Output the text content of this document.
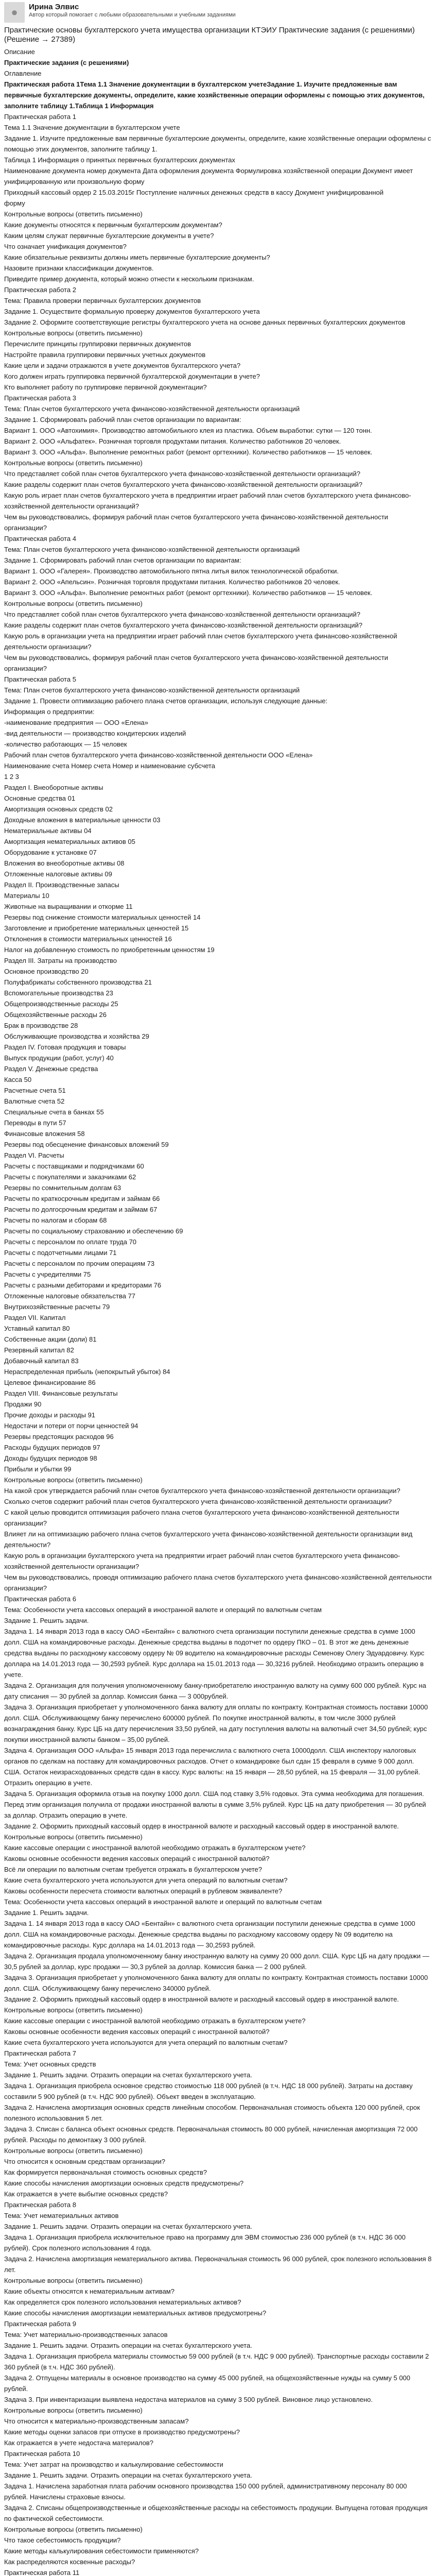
● Ирина Элвис
Автор который помогает с любыми образовательными и учебными заданиями
Практические основы бухгалтерского учета имущества организации КТЭИУ Практические задания (с решениями) (Решение → 27389)
Описание
Практические задания (с решениями)
Оглавление
Практическая работа 1Тема 1.1 Значение документации в бухгалтерском учетеЗадание 1. Изучите предложенные вам первичные бухгалтерские документы, определите, какие хозяйственные операции оформлены с помощью этих документов, заполните таблицу 1.Таблица 1 Информация
Практическая работа 1
Тема 1.1 Значение документации в бухгалтерском учете
Задание 1. Изучите предложенные вам первичные бухгалтерские документы, определите, какие хозяйственные операции оформлены с помощью этих документов, заполните таблицу 1.
Таблица 1 Информация о принятых первичных бухгалтерских документах
Наименование документа номер документа Дата оформления документа Формулировка хозяйственной операции Документ имеет унифицированную или произвольную форму
Приходный кассовый ордер 2 15.03.2015г Поступление наличных денежных средств в кассу Документ унифицированной
форму
Контрольные вопросы (ответить письменно)
Какие документы относятся к первичным бухгалтерским документам?
Каким целям служат первичные бухгалтерские документы в учете?
Что означает унификация документов?
Какие обязательные реквизиты должны иметь первичные бухгалтерские документы?
Назовите признаки классификации документов.
Приведите пример документа, который можно отнести к нескольким признакам.
Практическая работа 2
Тема: Правила проверки первичных бухгалтерских документов
Задание 1. Осуществите формальную проверку документов бухгалтерского учета
Задание 2. Оформите соответствующие регистры бухгалтерского учета на основе данных первичных бухгалтерских документов
Контрольные вопросы (ответить письменно)
Перечислите принципы группировки первичных документов
Настройте правила группировки первичных учетных документов
Какие цели и задачи отражаются в учете документов бухгалтерского учета?
Кого должен играть группировка первичной бухгалтерской документации в учете?
Кто выполняет работу по группировке первичной документации?
Практическая работа 3
Тема: План счетов бухгалтерского учета финансово-хозяйственной деятельности организаций
Задание 1. Сформировать рабочий план счетов организации по вариантам:
Вариант 1. ООО «Автохимия». Производство автомобильного клея из пластика. Объем выработки: сутки — 120 тонн.
Вариант 2. ООО «Альфатек». Розничная торговля продуктами питания. Количество работников 20 человек.
Вариант 3. ООО «Альфа». Выполнение ремонтных работ (ремонт оргтехники). Количество работников — 15 человек.
Контрольные вопросы (ответить письменно)
Что представляет собой план счетов бухгалтерского учета финансово-хозяйственной деятельности организаций?
Какие разделы содержит план счетов бухгалтерского учета финансово-хозяйственной деятельности организаций?
Какую роль играет план счетов бухгалтерского учета в предприятии играет рабочий план счетов бухгалтерского учета финансово-хозяйственной деятельности организаций?
Чем вы руководствовались, формируя рабочий план счетов бухгалтерского учета финансово-хозяйственной деятельности организации?
Практическая работа 4
Тема: План счетов бухгалтерского учета финансово-хозяйственной деятельности организаций
Задание 1. Сформировать рабочий план счетов организации по вариантам:
Вариант 1. ООО «Галерея». Производство автомобильного пятна литья вилок технологической обработки.
Вариант 2. ООО «Апельсин». Розничная торговля продуктами питания. Количество работников 20 человек.
Вариант 3. ООО «Альфа». Выполнение ремонтных работ (ремонт оргтехники). Количество работников — 15 человек.
Контрольные вопросы (ответить письменно)
Что представляет собой план счетов бухгалтерского учета финансово-хозяйственной деятельности организаций?
Какие разделы содержит план счетов бухгалтерского учета финансово-хозяйственной деятельности организаций?
Какую роль в организации учета на предприятии играет рабочий план счетов бухгалтерского учета финансово-хозяйственной деятельности организации?
Чем вы руководствовались, формируя рабочий план счетов бухгалтерского учета финансово-хозяйственной деятельности организации?
Практическая работа 5
Тема: План счетов бухгалтерского учета финансово-хозяйственной деятельности организаций
Задание 1. Провести оптимизацию рабочего плана счетов организации, используя следующие данные:
Информация о предприятии:
-наименование предприятия — ООО «Елена»
-вид деятельности — производство кондитерских изделий
-количество работающих — 15 человек
Рабочий план счетов бухгалтерского учета финансово-хозяйственной деятельности ООО «Елена»
Наименование счета Номер счета Номер и наименование субсчета
1 2 3
Раздел I. Внеоборотные активы
Основные средства 01
Амортизация основных средств 02
Доходные вложения в материальные ценности 03
Нематериальные активы 04
Амортизация нематериальных активов 05
Оборудование к установке 07
Вложения во внеоборотные активы 08
Отложенные налоговые активы 09
Раздел II. Производственные запасы
Материалы 10
Животные на выращивании и откорме 11
Резервы под снижение стоимости материальных ценностей 14
Заготовление и приобретение материальных ценностей 15
Отклонения в стоимости материальных ценностей 16
Налог на добавленную стоимость по приобретенным ценностям 19
Раздел III. Затраты на производство
Основное производство 20
Полуфабрикаты собственного производства 21
Вспомогательные производства 23
Общепроизводственные расходы 25
Общехозяйственные расходы 26
Брак в производстве 28
Обслуживающие производства и хозяйства 29
Раздел IV. Готовая продукция и товары
Выпуск продукции (работ, услуг) 40
Раздел V. Денежные средства
Касса 50
Расчетные счета 51
Валютные счета 52
Специальные счета в банках 55
Переводы в пути 57
Финансовые вложения 58
Резервы под обесценение финансовых вложений 59
Раздел VI. Расчеты
Расчеты с поставщиками и подрядчиками 60
Расчеты с покупателями и заказчиками 62
Резервы по сомнительным долгам 63
Расчеты по краткосрочным кредитам и займам 66
Расчеты по долгосрочным кредитам и займам 67
Расчеты по налогам и сборам 68
Расчеты по социальному страхованию и обеспечению 69
Расчеты с персоналом по оплате труда 70
Расчеты с подотчетными лицами 71
Расчеты с персоналом по прочим операциям 73
Расчеты с учредителями 75
Расчеты с разными дебиторами и кредиторами 76
Отложенные налоговые обязательства 77
Внутрихозяйственные расчеты 79
Раздел VII. Капитал
Уставный капитал 80
Собственные акции (доли) 81
Резервный капитал 82
Добавочный капитал 83
Нераспределенная прибыль (непокрытый убыток) 84
Целевое финансирование 86
Раздел VIII. Финансовые результаты
Продажи 90
Прочие доходы и расходы 91
Недостачи и потери от порчи ценностей 94
Резервы предстоящих расходов 96
Расходы будущих периодов 97
Доходы будущих периодов 98
Прибыли и убытки 99
Контрольные вопросы (ответить письменно)
На какой срок утверждается рабочий план счетов бухгалтерского учета финансово-хозяйственной деятельности организации?
Сколько счетов содержит рабочий план счетов бухгалтерского учета финансово-хозяйственной деятельности организации?
С какой целью проводится оптимизация рабочего плана счетов бухгалтерского учета финансово-хозяйственной деятельности организации?
Влияет ли на оптимизацию рабочего плана счетов бухгалтерского учета финансово-хозяйственной деятельности организации вид деятельности?
Какую роль в организации бухгалтерского учета на предприятии играет рабочий план счетов бухгалтерского учета финансово-хозяйственной деятельности организации?
Чем вы руководствовались, проводя оптимизацию рабочего плана счетов бухгалтерского учета финансово-хозяйственной деятельности организации?
Практическая работа 6
Тема: Особенности учета кассовых операций в иностранной валюте и операций по валютным счетам
Задание 1. Решить задачи.
Задача 1. 14 января 2013 года в кассу ОАО «Бентайн» с валютного счета организации поступили денежные средства в сумме 1000 долл. США на командировочные расходы. Денежные средства выданы в подотчет по ордеру ПКО – 01. В этот же день денежные средства выданы по расходному кассовому ордеру № 09 водителю на командировочные расходы Семенову Олегу Эдуардовичу. Курс доллара на 14.01.2013 года — 30,2593 рублей. Курс доллара на 15.01.2013 года — 30,3216 рублей. Необходимо отразить операцию в учете.
Задача 2. Организация для получения уполномоченному банку-приобретателю иностранную валюту на сумму 600 000 рублей. Курс на дату списания — 30 рублей за доллар. Комиссия банка — 3 000рублей.
Задача 3. Организация приобретает у уполномоченного банка валюту для оплаты по контракту. Контрактная стоимость поставки 10000 долл. США. Обслуживающему банку перечислено 600000 рублей. По покупке иностранной валюты, в том числе 3000 рублей вознаграждения банку. Курс ЦБ на дату перечисления 33,50 рублей, на дату поступления валюты на валютный счет 34,50 рублей; курс покупки иностранной валюты банком – 35,00 рублей.
Задача 4. Организация ООО «Альфа» 15 января 2013 года перечислила с валютного счета 10000долл. США инспектору налоговых органов по сделкам на поставку для командировочных расходов. Отчет о командировке был сдан 15 февраля в сумме 9 000 долл. США. Остаток неизрасходованных средств сдан в кассу. Курс валюты: на 15 января — 28,50 рублей, на 15 февраля — 31,00 рублей. Отразить операцию в учете.
Задача 5. Организация оформила отзыв на покупку 1000 долл. США под ставку 3,5% годовых. Эта сумма необходима для погашения. Перед этим организация получила от продажи иностранной валюты в сумме 3,5% рублей. Курс ЦБ на дату приобретения — 30 рублей за доллар. Отразить операцию в учете.
Задание 2. Оформить приходный кассовый ордер в иностранной валюте и расходный кассовый ордер в иностранной валюте.
Контрольные вопросы (ответить письменно)
Какие кассовые операции с иностранной валютой необходимо отражать в бухгалтерском учете?
Каковы основные особенности ведения кассовых операций с иностранной валютой?
Всё ли операции по валютным счетам требуется отражать в бухгалтерском учете?
Какие счета бухгалтерского учета используются для учета операций по валютным счетам?
Каковы особенности пересчета стоимости валютных операций в рублевом эквиваленте?
Тема: Особенности учета кассовых операций в иностранной валюте и операций по валютным счетам
Задание 1. Решить задачи.
Задача 1. 14 января 2013 года в кассу ОАО «Бентайн» с валютного счета организации поступили денежные средства в сумме 1000 долл. США на командировочные расходы. Денежные средства выданы по расходному кассовому ордеру № 09 водителю на командировочные расходы. Курс доллара на 14.01.2013 года — 30,2593 рублей.
Задача 2. Организация продала уполномоченному банку иностранную валюту на сумму 20 000 долл. США. Курс ЦБ на дату продажи — 30,5 рублей за доллар, курс продажи — 30,3 рублей за доллар. Комиссия банка — 2 000 рублей.
Задача 3. Организация приобретает у уполномоченного банка валюту для оплаты по контракту. Контрактная стоимость поставки 10000 долл. США. Обслуживающему банку перечислено 340000 рублей.
Задание 2. Оформить приходный кассовый ордер в иностранной валюте и расходный кассовый ордер в иностранной валюте.
Контрольные вопросы (ответить письменно)
Какие кассовые операции с иностранной валютой необходимо отражать в бухгалтерском учете?
Каковы основные особенности ведения кассовых операций с иностранной валютой?
Какие счета бухгалтерского учета используются для учета операций по валютным счетам?
Практическая работа 7
Тема: Учет основных средств
Задание 1. Решить задачи. Отразить операции на счетах бухгалтерского учета.
Задача 1. Организация приобрела основное средство стоимостью 118 000 рублей (в т.ч. НДС 18 000 рублей). Затраты на доставку составили 5 900 рублей (в т.ч. НДС 900 рублей). Объект введен в эксплуатацию.
Задача 2. Начислена амортизация основных средств линейным способом. Первоначальная стоимость объекта 120 000 рублей, срок полезного использования 5 лет.
Задача 3. Списан с баланса объект основных средств. Первоначальная стоимость 80 000 рублей, начисленная амортизация 72 000 рублей. Расходы по демонтажу 3 000 рублей.
Контрольные вопросы (ответить письменно)
Что относится к основным средствам организации?
Как формируется первоначальная стоимость основных средств?
Какие способы начисления амортизации основных средств предусмотрены?
Как отражается в учете выбытие основных средств?
Практическая работа 8
Тема: Учет нематериальных активов
Задание 1. Решить задачи. Отразить операции на счетах бухгалтерского учета.
Задача 1. Организация приобрела исключительное право на программу для ЭВМ стоимостью 236 000 рублей (в т.ч. НДС 36 000 рублей). Срок полезного использования 4 года.
Задача 2. Начислена амортизация нематериального актива. Первоначальная стоимость 96 000 рублей, срок полезного использования 8 лет.
Контрольные вопросы (ответить письменно)
Какие объекты относятся к нематериальным активам?
Как определяется срок полезного использования нематериальных активов?
Какие способы начисления амортизации нематериальных активов предусмотрены?
Практическая работа 9
Тема: Учет материально-производственных запасов
Задание 1. Решить задачи. Отразить операции на счетах бухгалтерского учета.
Задача 1. Организация приобрела материалы стоимостью 59 000 рублей (в т.ч. НДС 9 000 рублей). Транспортные расходы составили 2 360 рублей (в т.ч. НДС 360 рублей).
Задача 2. Отпущены материалы в основное производство на сумму 45 000 рублей, на общехозяйственные нужды на сумму 5 000 рублей.
Задача 3. При инвентаризации выявлена недостача материалов на сумму 3 500 рублей. Виновное лицо установлено.
Контрольные вопросы (ответить письменно)
Что относится к материально-производственным запасам?
Какие методы оценки запасов при отпуске в производство предусмотрены?
Как отражается в учете недостача материалов?
Практическая работа 10
Тема: Учет затрат на производство и калькулирование себестоимости
Задание 1. Решить задачи. Отразить операции на счетах бухгалтерского учета.
Задача 1. Начислена заработная плата рабочим основного производства 150 000 рублей, административному персоналу 80 000 рублей. Начислены страховые взносы.
Задача 2. Списаны общепроизводственные и общехозяйственные расходы на себестоимость продукции. Выпущена готовая продукция по фактической себестоимости.
Контрольные вопросы (ответить письменно)
Что такое себестоимость продукции?
Какие методы калькулирования себестоимости применяются?
Как распределяются косвенные расходы?
Практическая работа 11
